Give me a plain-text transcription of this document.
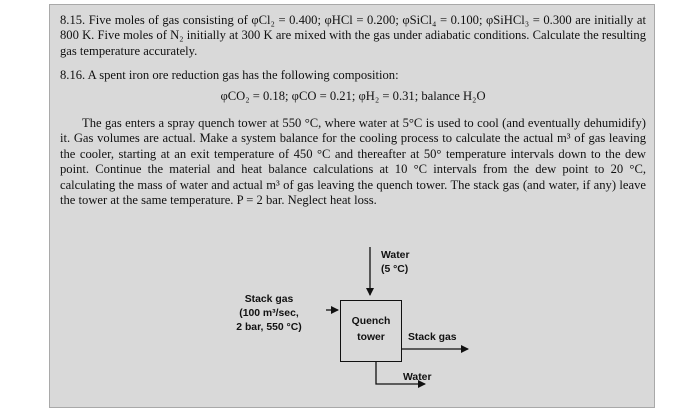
8.15. Five moles of gas consisting of φCl₂ = 0.400; φHCl = 0.200; φSiCl₄ = 0.100; φSiHCl₃ = 0.300 are initially at 800 K. Five moles of N₂ initially at 300 K are mixed with the gas under adiabatic conditions. Calculate the resulting gas temperature accurately.
8.16. A spent iron ore reduction gas has the following composition:
φCO₂ = 0.18; φCO = 0.21; φH₂ = 0.31; balance H₂O
The gas enters a spray quench tower at 550 °C, where water at 5°C is used to cool (and eventually dehumidify) it. Gas volumes are actual. Make a system balance for the cooling process to calculate the actual m³ of gas leaving the cooler, starting at an exit temperature of 450 °C and thereafter at 50° temperature intervals down to the dew point. Continue the material and heat balance calculations at 10 °C intervals from the dew point to 20 °C, calculating the mass of water and actual m³ of gas leaving the quench tower. The stack gas (and water, if any) leave the tower at the same temperature. P = 2 bar. Neglect heat loss.
Water
(5 °C)
Stack gas
(100 m³/sec,
2 bar, 550 °C)
Quench
tower	Stack gas
Water
